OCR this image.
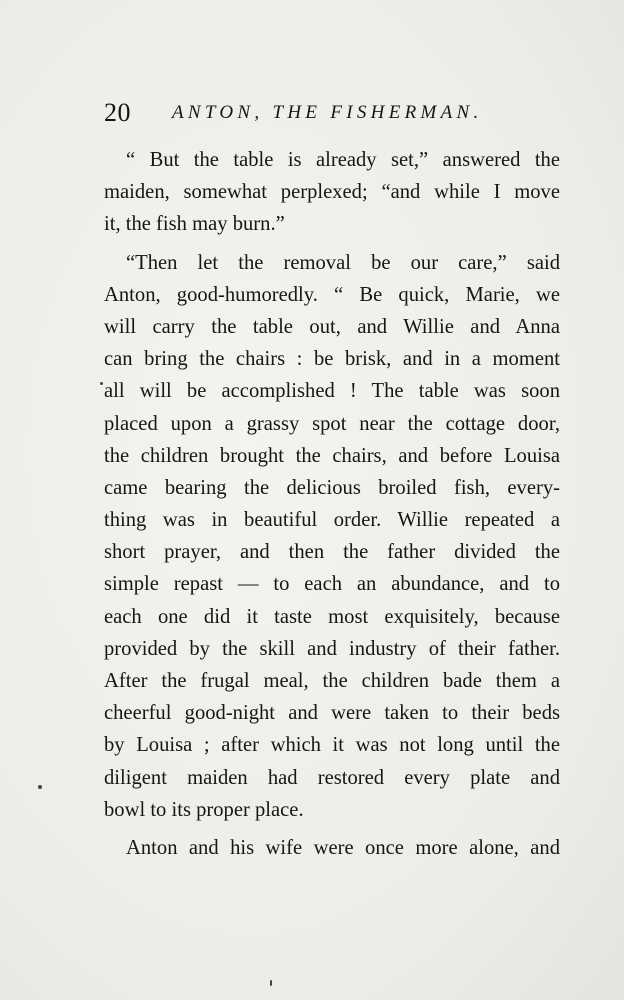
20 ANTON, THE FISHERMAN.
“ But the table is already set,” answered the
maiden, somewhat perplexed; “and while I move
it, the fish may burn.”
“Then let the removal be our care,” said
Anton, good-humoredly. “ Be quick, Marie, we
will carry the table out, and Willie and Anna
can bring the chairs : be brisk, and in a moment
all will be accomplished ! The table was soon
placed upon a grassy spot near the cottage door,
the children brought the chairs, and before Louisa
came bearing the delicious broiled fish, every-
thing was in beautiful order. Willie repeated a
short prayer, and then the father divided the
simple repast — to each an abundance, and to
each one did it taste most exquisitely, because
provided by the skill and industry of their father.
After the frugal meal, the children bade them a
cheerful good-night and were taken to their beds
by Louisa ; after which it was not long until the
diligent maiden had restored every plate and
bowl to its proper place.
Anton and his wife were once more alone, and
